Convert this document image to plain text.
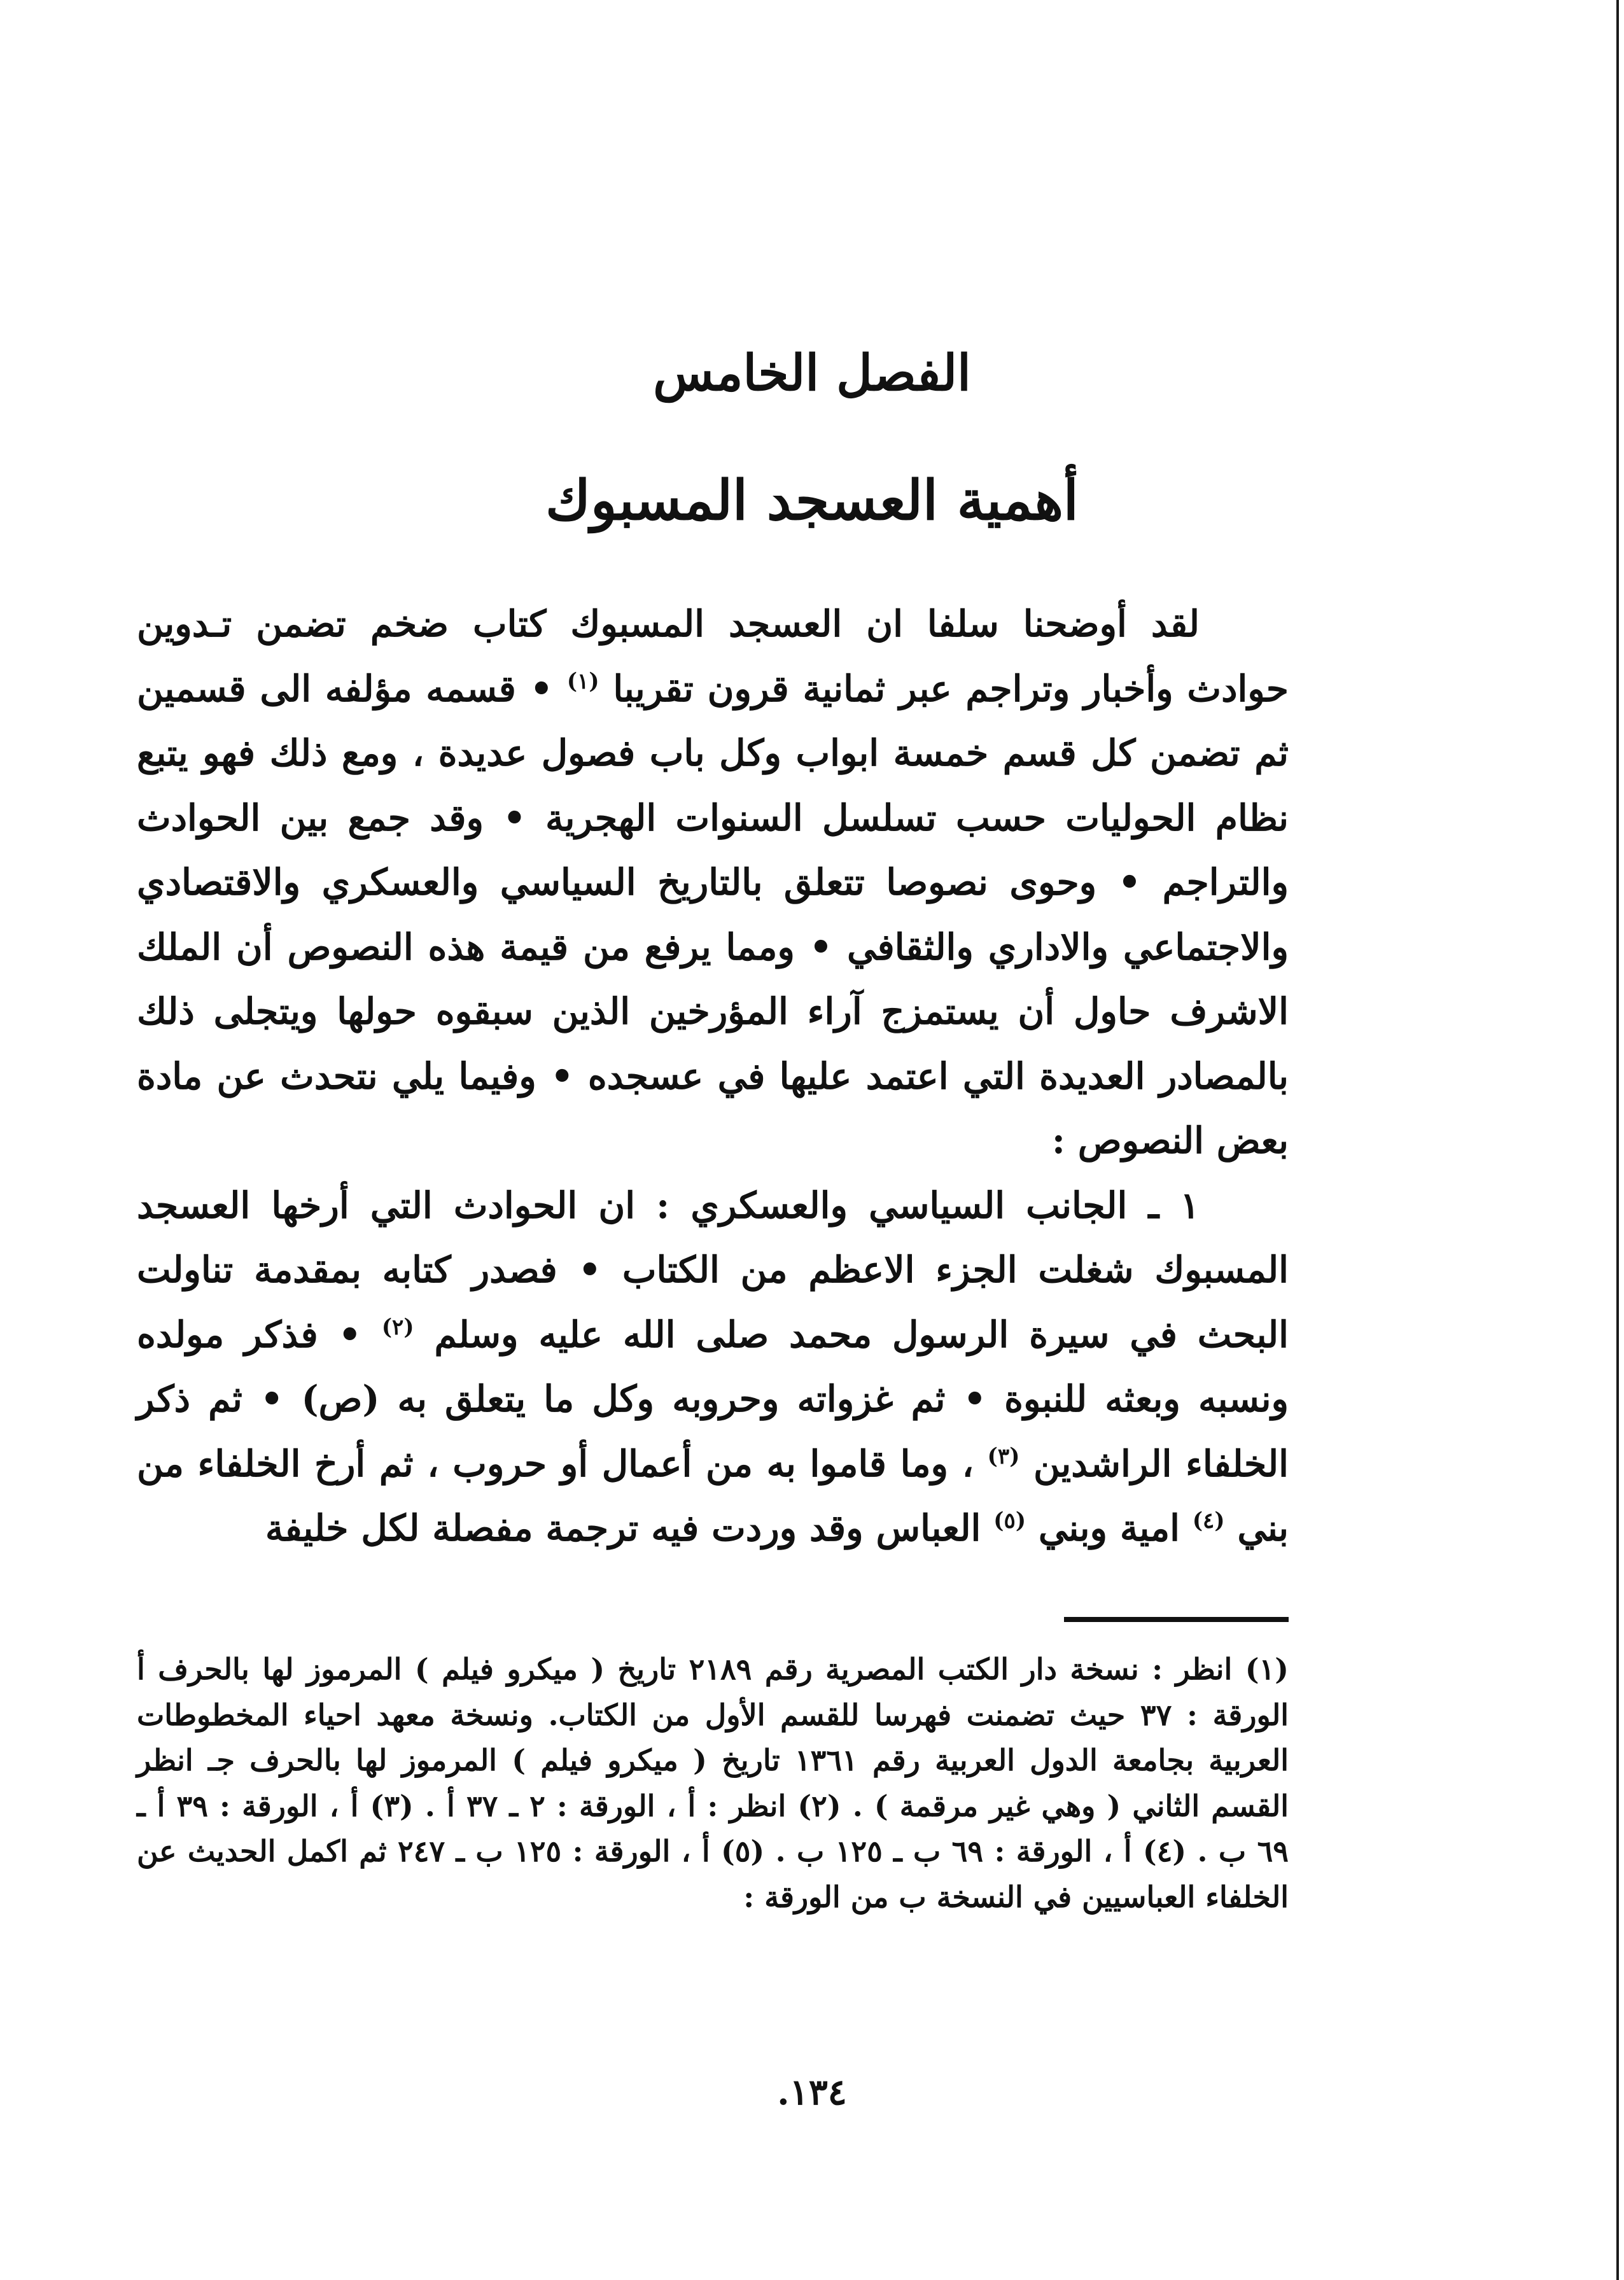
الفصل الخامس
أهمية العسجد المسبوك

لقد أوضحنا سلفا ان العسجد المسبوك كتاب ضخم تضمن تـدوين حوادث وأخبار وتراجم عبر ثمانية قرون تقريبا $^{(١)}$ • قسمه مؤلفه الى قسمين ثم تضمن كل قسم خمسة ابواب وكل باب فصول عديدة ، ومع ذلك فهو يتبع نظام الحوليات حسب تسلسل السنوات الهجرية • وقد جمع بين الحوادث والتراجم • وحوى نصوصا تتعلق بالتاريخ السياسي والعسكري والاقتصادي والاجتماعي والاداري والثقافي • ومما يرفع من قيمة هذه النصوص أن الملك الاشرف حاول أن يستمزج آراء المؤرخين الذين سبقوه حولها ويتجلى ذلك بالمصادر العديدة التي اعتمد عليها في عسجده • وفيما يلي نتحدث عن مادة بعض النصوص :

١ ـ الجانب السياسي والعسكري : ان الحوادث التي أرخها العسجد المسبوك شغلت الجزء الاعظم من الكتاب • فصدر كتابه بمقدمة تناولت البحث في سيرة الرسول محمد صلى الله عليه وسلم $^{(٢)}$ • فذكر مولده ونسبه وبعثه للنبوة • ثم غزواته وحروبه وكل ما يتعلق به (ص) • ثم ذكر الخلفاء الراشدين $^{(٣)}$ ، وما قاموا به من أعمال أو حروب ، ثم أرخ الخلفاء من بني $^{(٤)}$ امية وبني $^{(٥)}$ العباس وقد وردت فيه ترجمة مفصلة لكل خليفة

(١) انظر : نسخة دار الكتب المصرية رقم ٢١٨٩ تاريخ ( ميكرو فيلم ) المرموز لها بالحرف أ الورقة : ٣٧ حيث تضمنت فهرسا للقسم الأول من الكتاب. ونسخة معهد احياء المخطوطات العربية بجامعة الدول العربية رقم ١٣٦١ تاريخ ( ميكرو فيلم ) المرموز لها بالحرف جـ انظر القسم الثاني ( وهي غير مرقمة ) . (٢) انظر : أ ، الورقة : ٢ ـ ٣٧ أ . (٣) أ ، الورقة : ٣٩ أ ـ ٦٩ ب . (٤) أ ، الورقة : ٦٩ ب ـ ١٢٥ ب . (٥) أ ، الورقة : ١٢٥ ب ـ ٢٤٧ ثم اكمل الحديث عن الخلفاء العباسيين في النسخة ب من الورقة :

١٣٤.
